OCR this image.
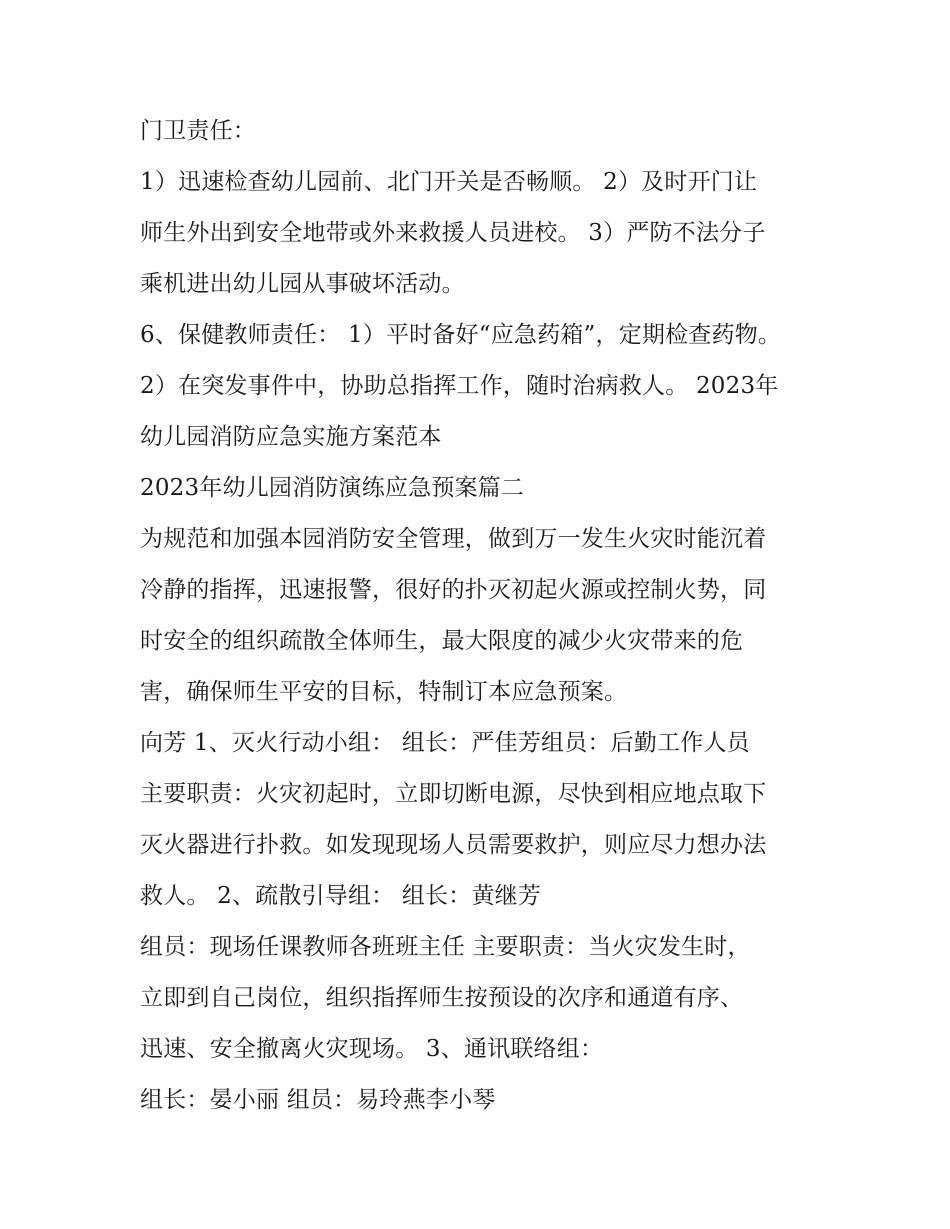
门卫责任：
1）迅速检查幼儿园前、北门开关是否畅顺。 2）及时开门让
师生外出到安全地带或外来救援人员进校。 3）严防不法分子
乘机进出幼儿园从事破坏活动。
6、保健教师责任： 1）平时备好“应急药箱”，定期检查药物。
2）在突发事件中，协助总指挥工作，随时治病救人。 2023年
幼儿园消防应急实施方案范本
2023年幼儿园消防演练应急预案篇二
为规范和加强本园消防安全管理，做到万一发生火灾时能沉着
冷静的指挥，迅速报警，很好的扑灭初起火源或控制火势，同
时安全的组织疏散全体师生，最大限度的减少火灾带来的危
害，确保师生平安的目标，特制订本应急预案。
向芳 1、灭火行动小组： 组长：严佳芳组员：后勤工作人员
主要职责：火灾初起时，立即切断电源，尽快到相应地点取下
灭火器进行扑救。如发现现场人员需要救护，则应尽力想办法
救人。 2、疏散引导组： 组长：黄继芳
组员：现场任课教师各班班主任 主要职责：当火灾发生时，
立即到自己岗位，组织指挥师生按预设的次序和通道有序、
迅速、安全撤离火灾现场。 3、通讯联络组：
组长：晏小丽 组员：易玲燕李小琴
